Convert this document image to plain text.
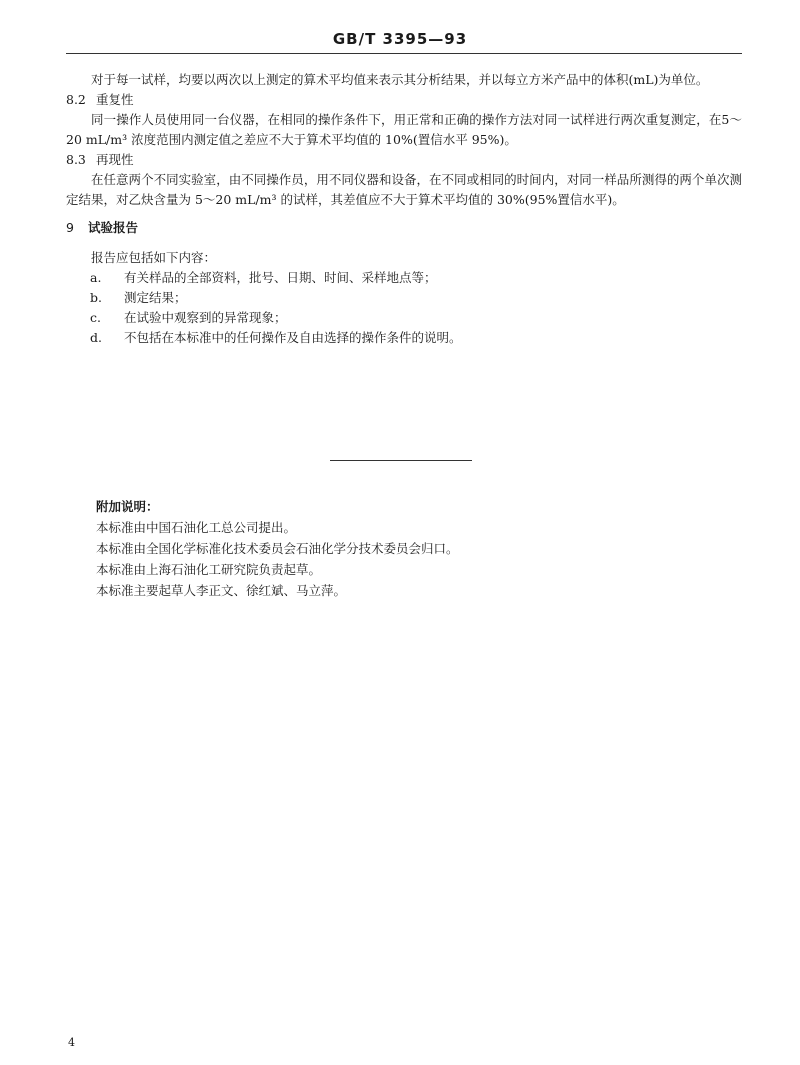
GB/T 3395—93

对于每一试样，均要以两次以上测定的算术平均值来表示其分析结果，并以每立方米产品中的体积(mL)为单位。

8.2 重复性

同一操作人员使用同一台仪器，在相同的操作条件下，用正常和正确的操作方法对同一试样进行两次重复测定，在5～20 mL/m³ 浓度范围内测定值之差应不大于算术平均值的 10%(置信水平 95%)。

8.3 再现性

在任意两个不同实验室，由不同操作员，用不同仪器和设备，在不同或相同的时间内，对同一样品所测得的两个单次测定结果，对乙炔含量为 5～20 mL/m³ 的试样，其差值应不大于算术平均值的 30%(95%置信水平)。

9 试验报告

报告应包括如下内容：

a. 有关样品的全部资料，批号、日期、时间、采样地点等；
b. 测定结果；
c. 在试验中观察到的异常现象；
d. 不包括在本标准中的任何操作及自由选择的操作条件的说明。
附加说明：

本标准由中国石油化工总公司提出。

本标准由全国化学标准化技术委员会石油化学分技术委员会归口。

本标准由上海石油化工研究院负责起草。

本标准主要起草人李正文、徐红斌、马立萍。

4
